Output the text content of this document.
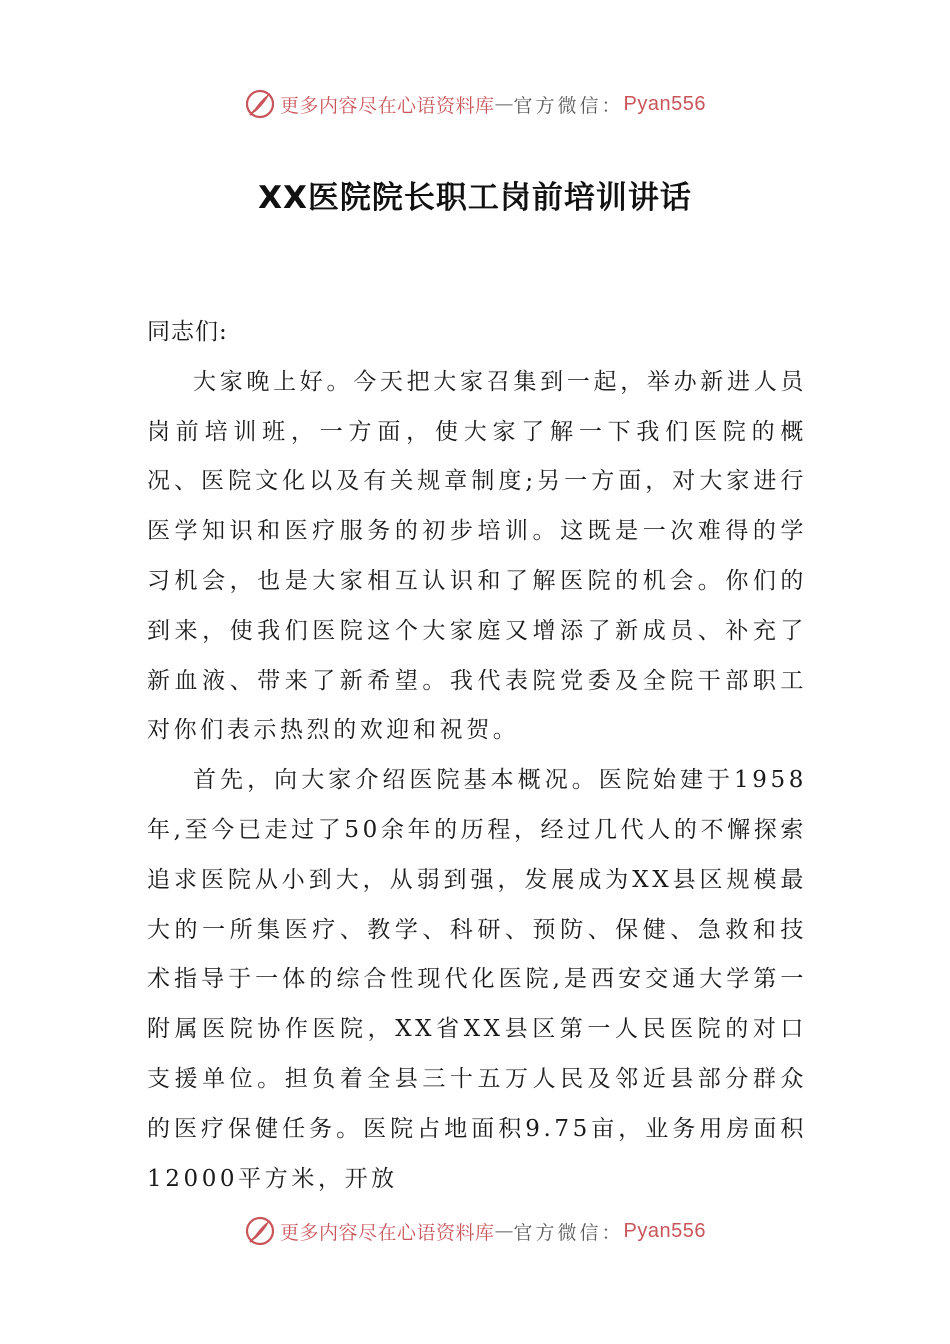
更多内容尽在心语资料库 — 官方微信： Pyan556
XX医院院长职工岗前培训讲话

同志们:

大家晚上好。今天把大家召集到一起，举办新进人员岗前培训班，一方面，使大家了解一下我们医院的概况、医院文化以及有关规章制度;另一方面，对大家进行医学知识和医疗服务的初步培训。这既是一次难得的学习机会，也是大家相互认识和了解医院的机会。你们的到来，使我们医院这个大家庭又增添了新成员、补充了新血液、带来了新希望。我代表院党委及全院干部职工对你们表示热烈的欢迎和祝贺。

首先，向大家介绍医院基本概况。医院始建于1958年,至今已走过了50余年的历程，经过几代人的不懈探索追求医院从小到大，从弱到强，发展成为XX县区规模最大的一所集医疗、教学、科研、预防、保健、急救和技术指导于一体的综合性现代化医院,是西安交通大学第一附属医院协作医院，XX省XX县区第一人民医院的对口支援单位。担负着全县三十五万人民及邻近县部分群众的医疗保健任务。医院占地面积9.75亩，业务用房面积12000平方米，开放

更多内容尽在心语资料库 — 官方微信： Pyan556
